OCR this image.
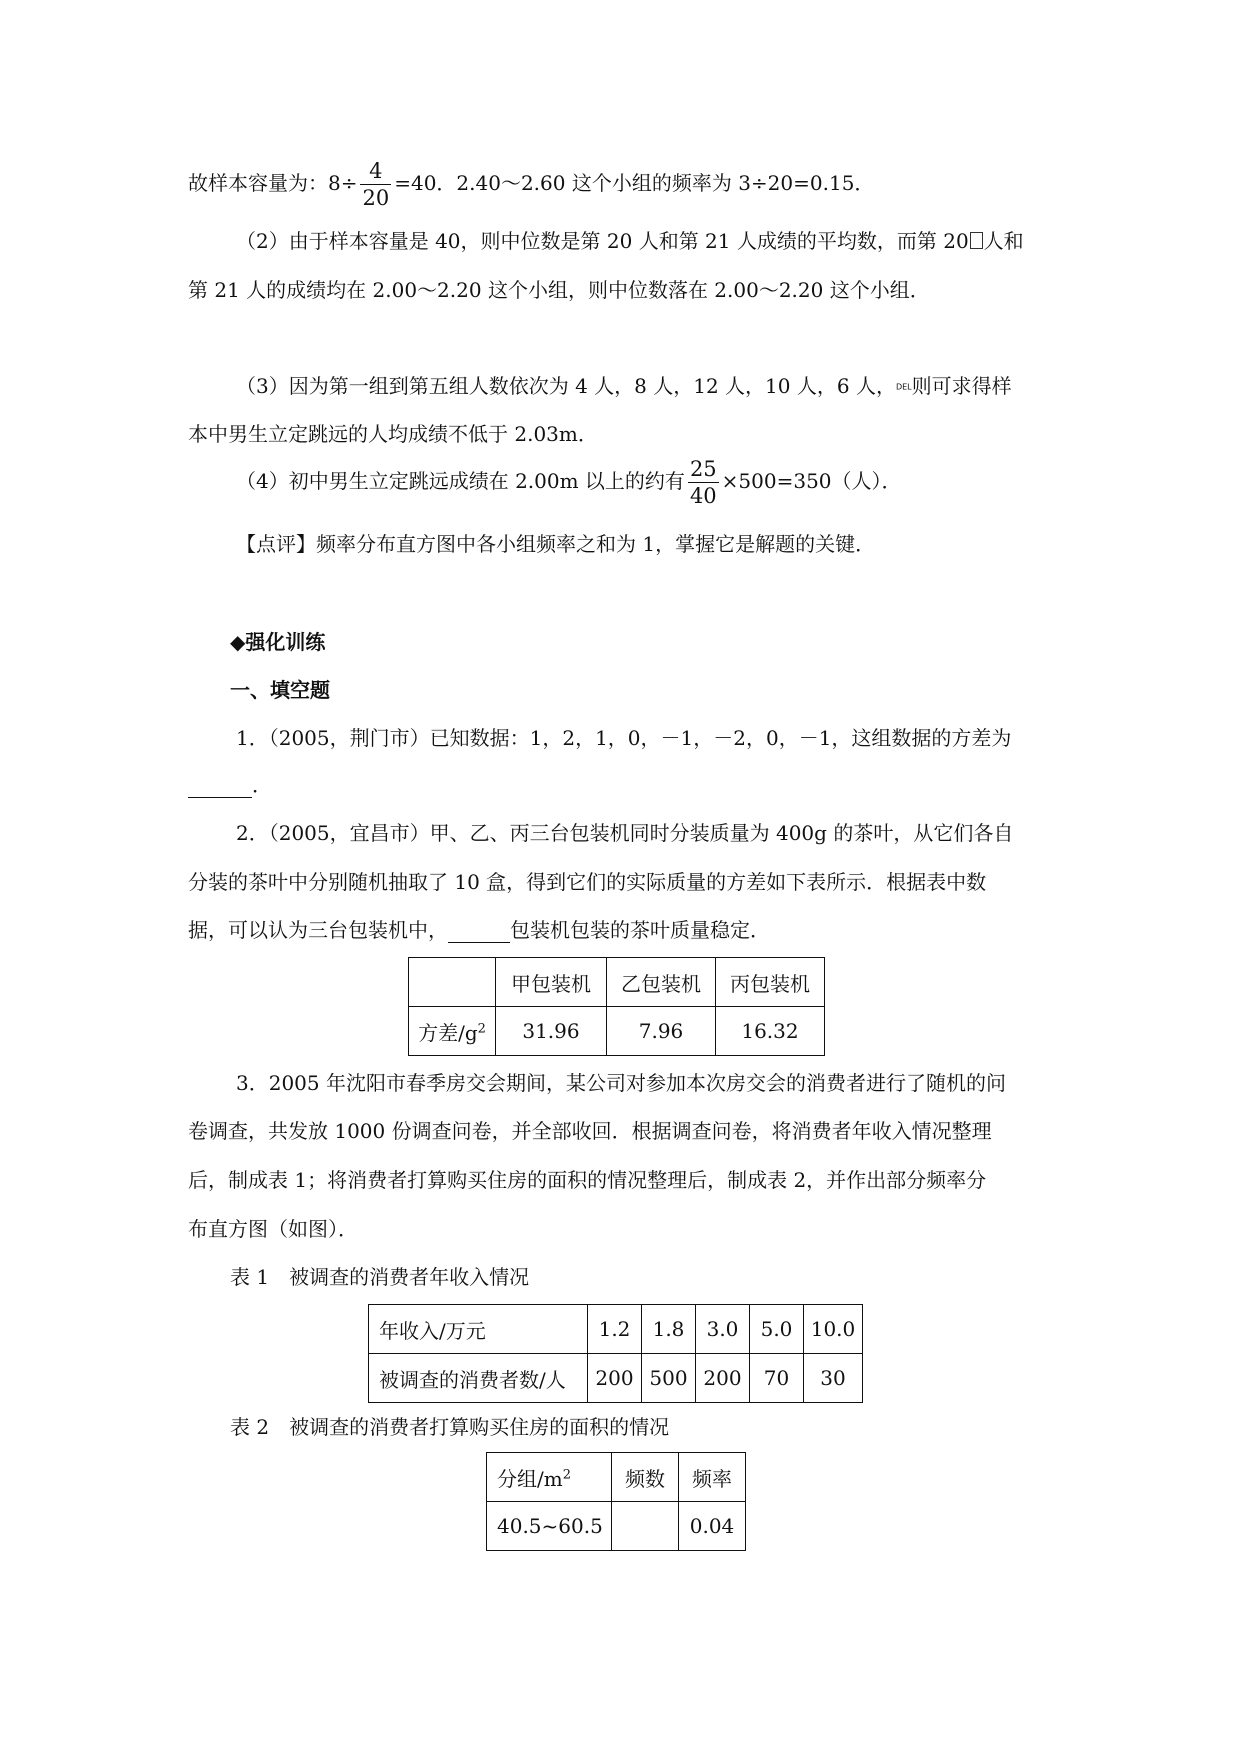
故样本容量为：$8\div \frac{4}{20} =40$．2.40～2.60 这个小组的频率为 3÷20=0.15．
（2）由于样本容量是 40，则中位数是第 20 人和第 21 人成绩的平均数，而第 20 人和
第 21 人的成绩均在 2.00～2.20 这个小组，则中位数落在 2.00～2.20 这个小组．
（3）因为第一组到第五组人数依次为 4 人，8 人，12 人，10 人，6 人，DEL则可求得样
本中男生立定跳远的人均成绩不低于 2.03m．
（4）初中男生立定跳远成绩在 2.00m 以上的约有 $\frac{25}{40} \times 500=350$（人）．
【点评】频率分布直方图中各小组频率之和为 1，掌握它是解题的关键．
◆强化训练
一、填空题
1．（2005，荆门市）已知数据：1，2，1，0，－1，－2，0，－1，这组数据的方差为
．
2．（2005，宜昌市）甲、乙、丙三台包装机同时分装质量为 400g 的茶叶，从它们各自
分装的茶叶中分别随机抽取了 10 盒，得到它们的实际质量的方差如下表所示．根据表中数
据，可以认为三台包装机中，	包装机包装的茶叶质量稳定．
	甲包装机	乙包装机	丙包装机
方差$/g^2$	31.96	7.96	16.32
3．2005 年沈阳市春季房交会期间，某公司对参加本次房交会的消费者进行了随机的问
卷调查，共发放 1000 份调查问卷，并全部收回．根据调查问卷，将消费者年收入情况整理
后，制成表 1；将消费者打算购买住房的面积的情况整理后，制成表 2，并作出部分频率分
布直方图（如图）．
表 1　被调查的消费者年收入情况
年收入/万元	1.2	1.8	3.0	5.0	10.0
被调查的消费者数/人	200	500	200	70	30
表 2　被调查的消费者打算购买住房的面积的情况
分组$/m^2$	频数	频率
40.5~60.5		0.04
